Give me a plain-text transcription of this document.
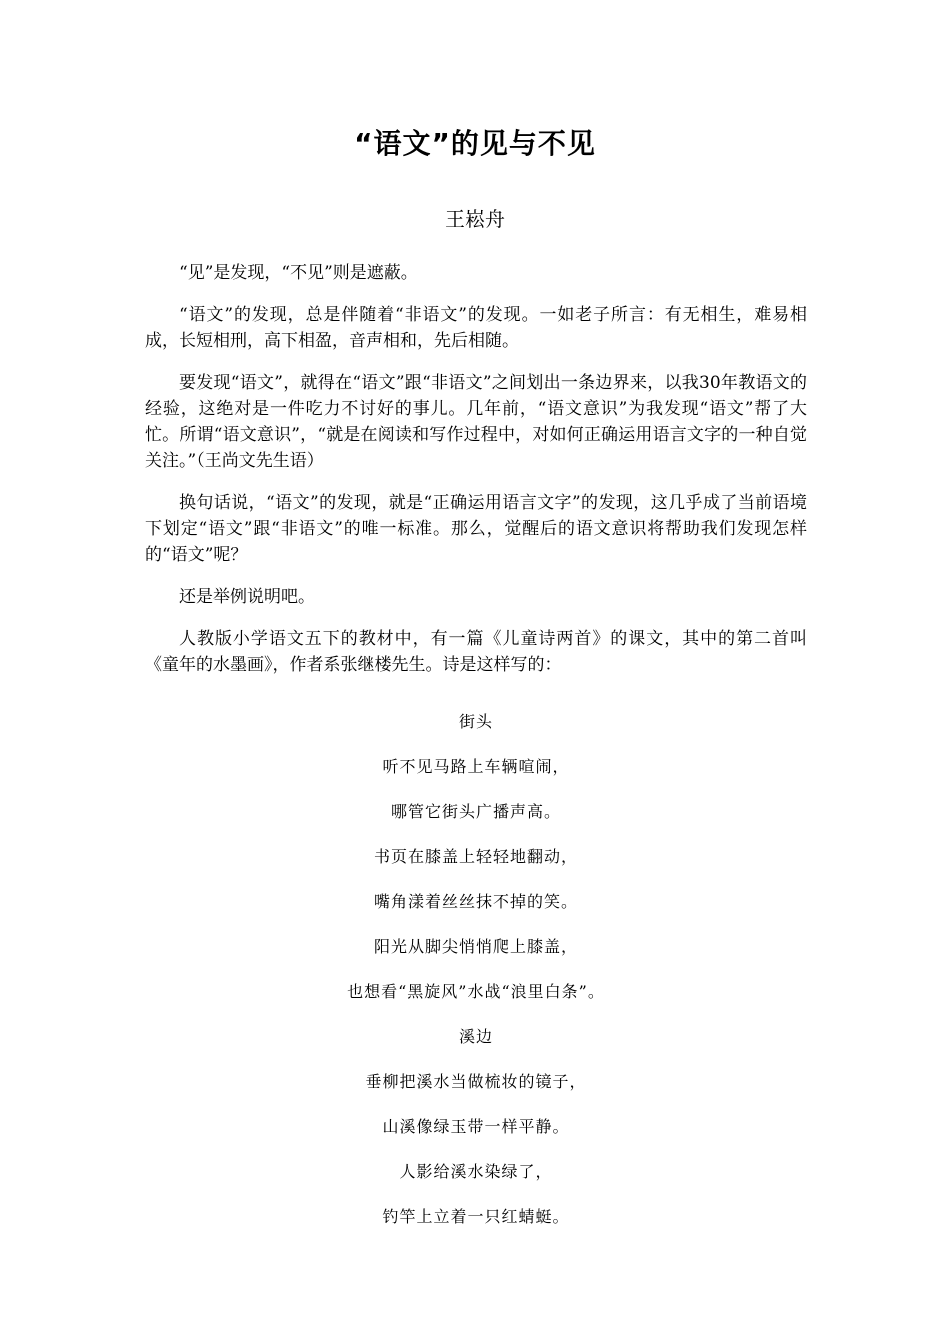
“语文”的见与不见
王崧舟

“见”是发现，“不见”则是遮蔽。

“语文”的发现，总是伴随着“非语文”的发现。一如老子所言：有无相生，难易相成，长短相刑，高下相盈，音声相和，先后相随。

要发现“语文”，就得在“语文”跟“非语文”之间划出一条边界来，以我30年教语文的经验，这绝对是一件吃力不讨好的事儿。几年前，“语文意识”为我发现“语文”帮了大忙。所谓“语文意识”，“就是在阅读和写作过程中，对如何正确运用语言文字的一种自觉关注。”（王尚文先生语）

换句话说，“语文”的发现，就是“正确运用语言文字”的发现，这几乎成了当前语境下划定“语文”跟“非语文”的唯一标准。那么，觉醒后的语文意识将帮助我们发现怎样的“语文”呢？

还是举例说明吧。

人教版小学语文五下的教材中，有一篇《儿童诗两首》的课文，其中的第二首叫《童年的水墨画》，作者系张继楼先生。诗是这样写的：

街头

听不见马路上车辆喧闹，

哪管它街头广播声高。

书页在膝盖上轻轻地翻动，

嘴角漾着丝丝抹不掉的笑。

阳光从脚尖悄悄爬上膝盖，

也想看“黑旋风”水战“浪里白条”。

溪边

垂柳把溪水当做梳妆的镜子，

山溪像绿玉带一样平静。

人影给溪水染绿了，

钓竿上立着一只红蜻蜓。
